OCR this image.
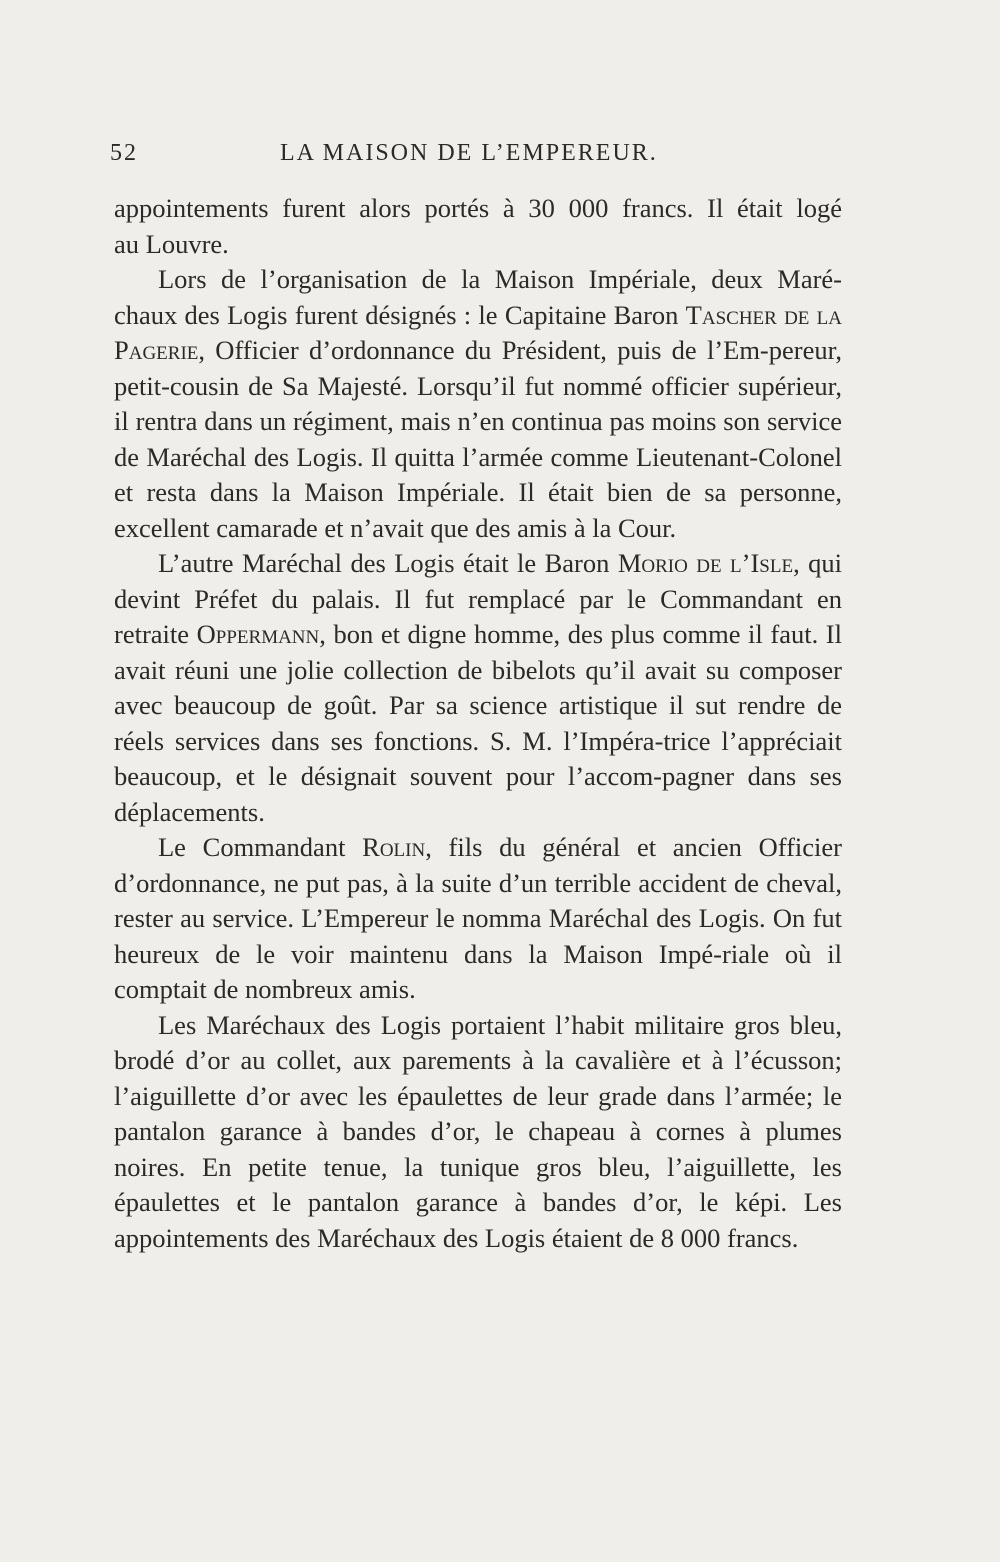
52	LA MAISON DE L’EMPEREUR.

appointements furent alors portés à 30 000 francs. Il était logé
au Louvre.

Lors de l’organisation de la Maison Impériale, deux Maré-chaux des Logis furent désignés : le Capitaine Baron Tascher de la Pagerie, Officier d’ordonnance du Président, puis de l’Em-pereur, petit-cousin de Sa Majesté. Lorsqu’il fut nommé officier supérieur, il rentra dans un régiment, mais n’en continua pas moins son service de Maréchal des Logis. Il quitta l’armée comme Lieutenant-Colonel et resta dans la Maison Impériale. Il était bien de sa personne, excellent camarade et n’avait que des amis à la Cour.

L’autre Maréchal des Logis était le Baron Morio de l’Isle, qui devint Préfet du palais. Il fut remplacé par le Commandant en retraite Oppermann, bon et digne homme, des plus comme il faut. Il avait réuni une jolie collection de bibelots qu’il avait su composer avec beaucoup de goût. Par sa science artistique il sut rendre de réels services dans ses fonctions. S. M. l’Impéra-trice l’appréciait beaucoup, et le désignait souvent pour l’accom-pagner dans ses déplacements.

Le Commandant Rolin, fils du général et ancien Officier d’ordonnance, ne put pas, à la suite d’un terrible accident de cheval, rester au service. L’Empereur le nomma Maréchal des Logis. On fut heureux de le voir maintenu dans la Maison Impé-riale où il comptait de nombreux amis.

Les Maréchaux des Logis portaient l’habit militaire gros bleu, brodé d’or au collet, aux parements à la cavalière et à l’écusson; l’aiguillette d’or avec les épaulettes de leur grade dans l’armée; le pantalon garance à bandes d’or, le chapeau à cornes à plumes noires. En petite tenue, la tunique gros bleu, l’aiguillette, les épaulettes et le pantalon garance à bandes d’or, le képi. Les appointements des Maréchaux des Logis étaient de 8 000 francs.
